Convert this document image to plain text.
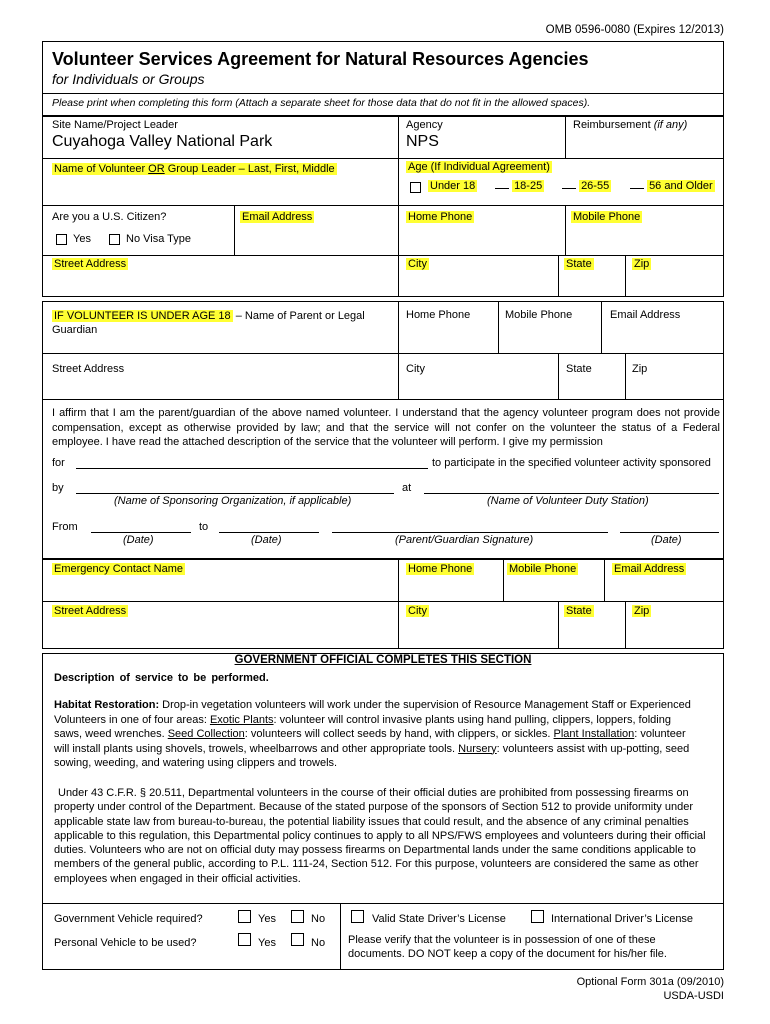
OMB 0596-0080 (Expires 12/2013)
Volunteer Services Agreement for Natural Resources Agencies
for Individuals or Groups
Please print when completing this form (Attach a separate sheet for those data that do not fit in the allowed spaces).
Site Name/Project Leader
Cuyahoga Valley National Park
Agency
NPS
Reimbursement (if any)
Name of Volunteer OR Group Leader – Last, First, Middle	Age (If Individual Agreement)
Under 18	18-25	26-55	56 and Older
Are you a U.S. Citizen?
Yes	No Visa Type
Email Address	Home Phone	Mobile Phone
Street Address	City	State	Zip
IF VOLUNTEER IS UNDER AGE 18 – Name of Parent or Legal
Guardian
Home Phone	Mobile Phone	Email Address
Street Address	City	State	Zip
I affirm that I am the parent/guardian of the above named volunteer. I understand that the agency volunteer program does not provide compensation, except as otherwise provided by law; and that the service will not confer on the volunteer the status of a Federal employee. I have read the attached description of the service that the volunteer will perform. I give my permission
for	to participate in the specified volunteer activity sponsored
by	at
(Name of Sponsoring Organization, if applicable)	(Name of Volunteer Duty Station)
From	to
(Date)	(Date)	(Parent/Guardian Signature)	(Date)
Emergency Contact Name	Home Phone	Mobile Phone	Email Address
Street Address	City	State	Zip
GOVERNMENT OFFICIAL COMPLETES THIS SECTION
Description of service to be performed.
Habitat Restoration: Drop-in vegetation volunteers will work under the supervision of Resource Management Staff or Experienced Volunteers in one of four areas: Exotic Plants: volunteer will control invasive plants using hand pulling, clippers, loppers, folding saws, weed wrenches. Seed Collection: volunteers will collect seeds by hand, with clippers, or sickles. Plant Installation: volunteer will install plants using shovels, trowels, wheelbarrows and other appropriate tools. Nursery: volunteers assist with up-potting, seed sowing, weeding, and watering using clippers and trowels.
Under 43 C.F.R. § 20.511, Departmental volunteers in the course of their official duties are prohibited from possessing firearms on property under control of the Department. Because of the stated purpose of the sponsors of Section 512 to provide uniformity under applicable state law from bureau-to-bureau, the potential liability issues that could result, and the absence of any criminal penalties applicable to this regulation, this Departmental policy continues to apply to all NPS/FWS employees and volunteers during their official duties. Volunteers who are not on official duty may possess firearms on Departmental lands under the same conditions applicable to members of the general public, according to P.L. 111-24, Section 512. For this purpose, volunteers are considered the same as other employees when engaged in their official activities.
Government Vehicle required?	Yes	No
Personal Vehicle to be used?	Yes	No
Valid State Driver’s License	International Driver’s License
Please verify that the volunteer is in possession of one of these documents. DO NOT keep a copy of the document for his/her file.
Optional Form 301a (09/2010)
USDA-USDI
